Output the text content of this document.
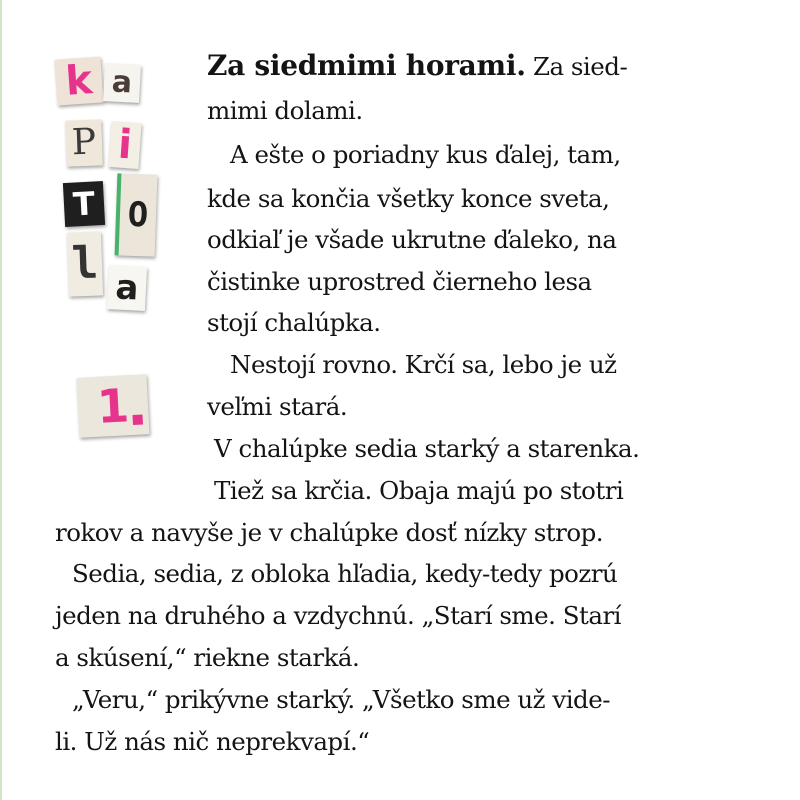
k a
P i
T O
l a
1
Za siedmimi horami. Za sied-
mimi dolami.
A ešte o poriadny kus ďalej, tam,
kde sa končia všetky konce sveta,
odkiaľ je všade ukrutne ďaleko, na
čistinke uprostred čierneho lesa
stojí chalúpka.
Nestojí rovno. Krčí sa, lebo je už
veľmi stará.
V chalúpke sedia starký a starenka.
Tiež sa krčia. Obaja majú po stotri
rokov a navyše je v chalúpke dosť nízky strop.
Sedia, sedia, z obloka hľadia, kedy-tedy pozrú
jeden na druhého a vzdychnú. „Starí sme. Starí
a skúsení,“ riekne starká.
„Veru,“ prikývne starký. „Všetko sme už vide-
li. Už nás nič neprekvapí.“
